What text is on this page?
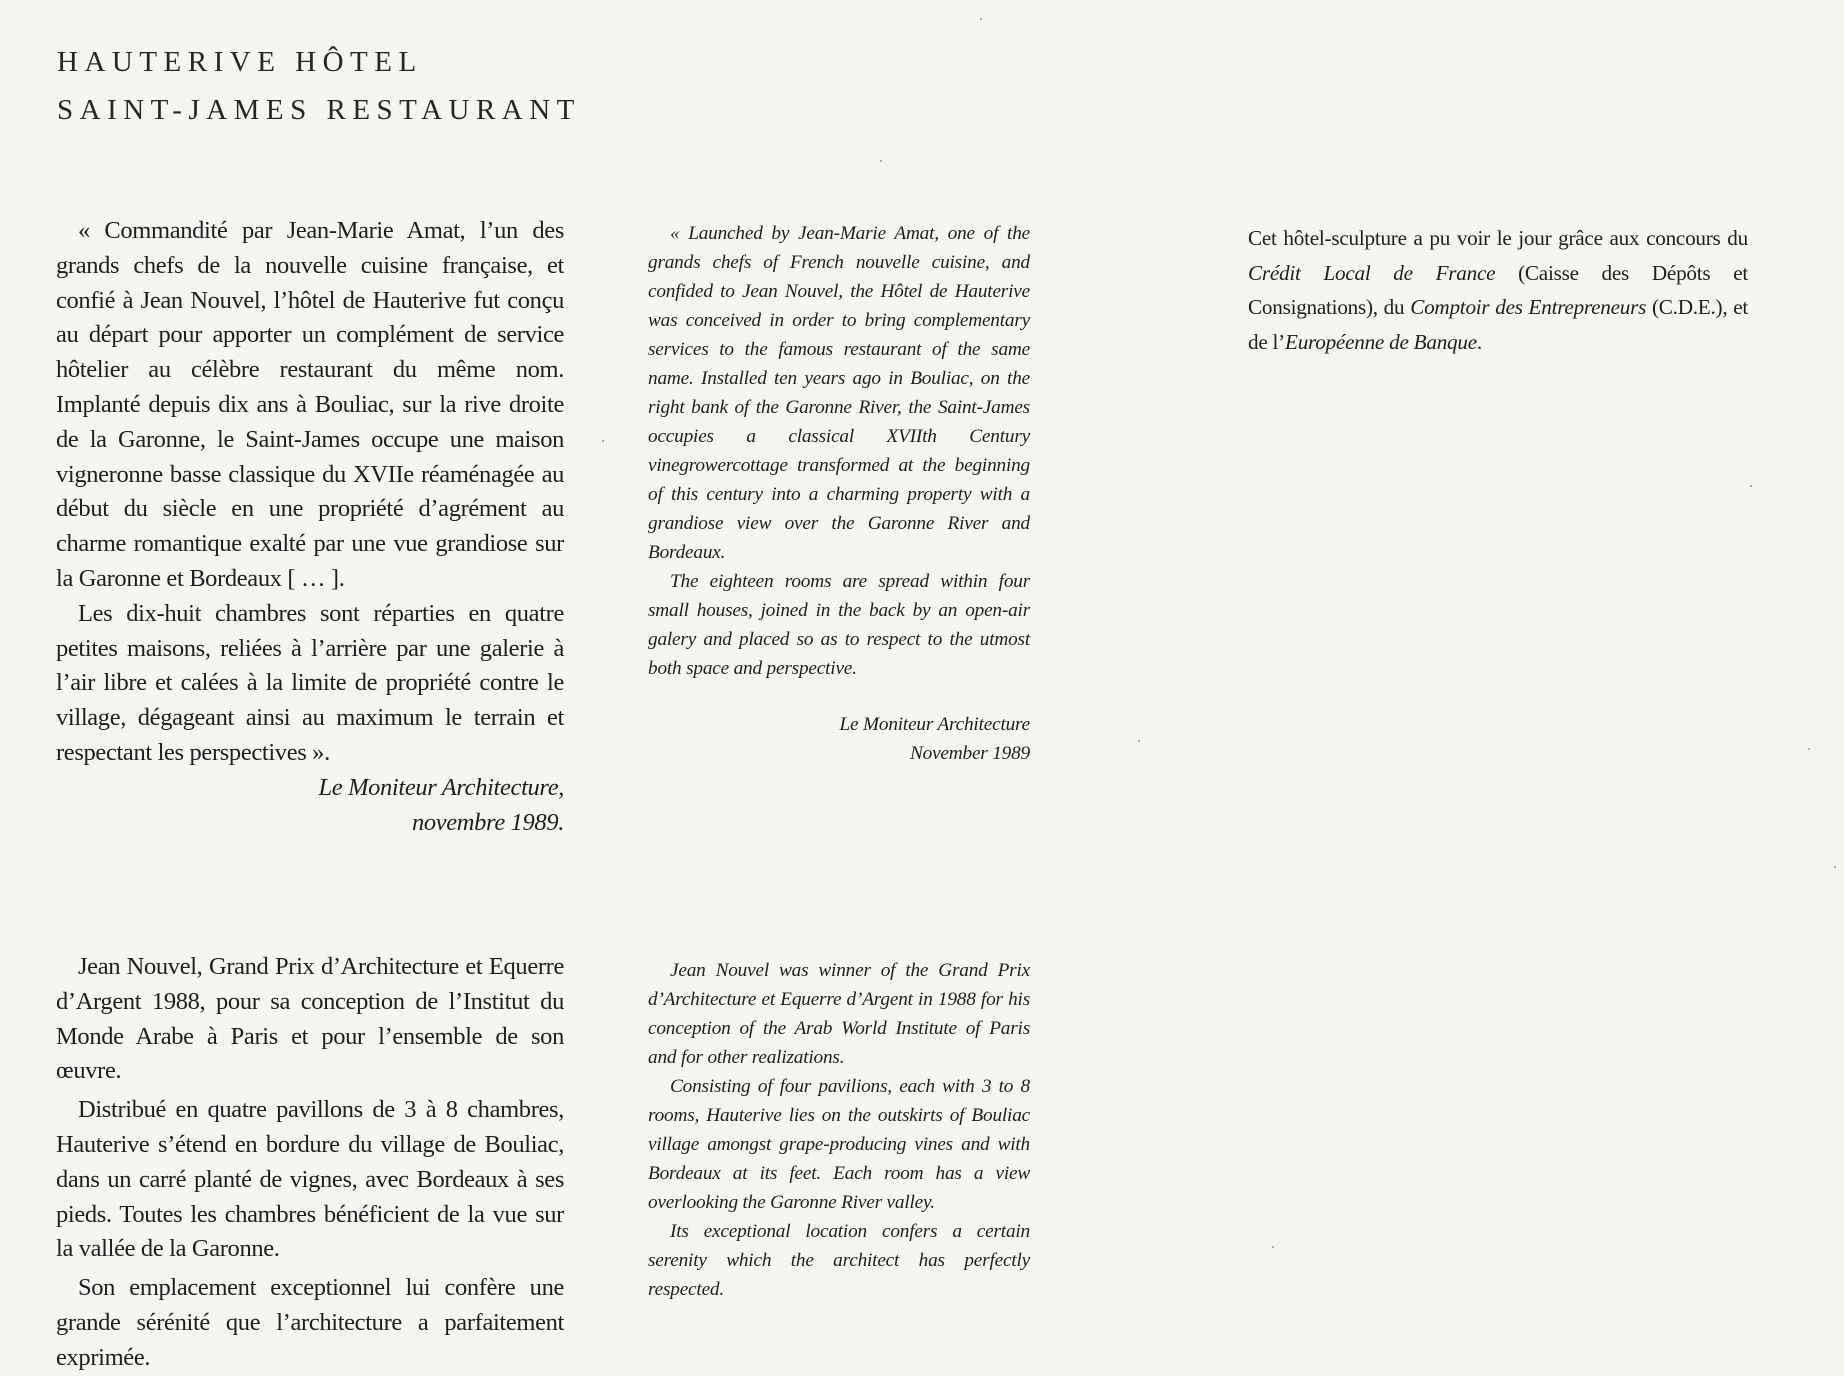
HAUTERIVE HÔTEL
SAINT-JAMES RESTAURANT

« Commandité par Jean-Marie Amat, l’un des grands chefs de la nouvelle cuisine française, et confié à Jean Nouvel, l’hôtel de Hauterive fut conçu au départ pour apporter un complément de service hôtelier au célèbre restaurant du même nom. Implanté depuis dix ans à Bouliac, sur la rive droite de la Garonne, le Saint-James occupe une maison vigneronne basse classique du XVIIe réaménagée au début du siècle en une propriété d’agrément au charme romantique exalté par une vue grandiose sur la Garonne et Bordeaux [ … ].

Les dix-huit chambres sont réparties en quatre petites maisons, reliées à l’arrière par une galerie à l’air libre et calées à la limite de propriété contre le village, dégageant ainsi au maximum le terrain et respectant les perspectives ».

Le Moniteur Architecture,

novembre 1989.

« Launched by Jean-Marie Amat, one of the grands chefs of French nouvelle cuisine, and confided to Jean Nouvel, the Hôtel de Hauterive was conceived in order to bring complementary services to the famous restaurant of the same name. Installed ten years ago in Bouliac, on the right bank of the Garonne River, the Saint-James occupies a classical XVIIth Century vinegrowercottage transformed at the beginning of this century into a charming property with a grandiose view over the Garonne River and Bordeaux.

The eighteen rooms are spread within four small houses, joined in the back by an open-air galery and placed so as to respect to the utmost both space and perspective.

Le Moniteur Architecture

November 1989

Cet hôtel-sculpture a pu voir le jour grâce aux concours du Crédit Local de France (Caisse des Dépôts et Consignations), du Comptoir des Entrepreneurs (C.D.E.), et de l’Européenne de Banque.

Jean Nouvel, Grand Prix d’Architecture et Equerre d’Argent 1988, pour sa conception de l’Institut du Monde Arabe à Paris et pour l’ensemble de son œuvre.

Distribué en quatre pavillons de 3 à 8 chambres, Hauterive s’étend en bordure du village de Bouliac, dans un carré planté de vignes, avec Bordeaux à ses pieds. Toutes les chambres bénéficient de la vue sur la vallée de la Garonne.

Son emplacement exceptionnel lui confère une grande sérénité que l’architecture a parfaitement exprimée.

Jean Nouvel was winner of the Grand Prix d’Architecture et Equerre d’Argent in 1988 for his conception of the Arab World Institute of Paris and for other realizations.

Consisting of four pavilions, each with 3 to 8 rooms, Hauterive lies on the outskirts of Bouliac village amongst grape-producing vines and with Bordeaux at its feet. Each room has a view overlooking the Garonne River valley.

Its exceptional location confers a certain serenity which the architect has perfectly respected.
